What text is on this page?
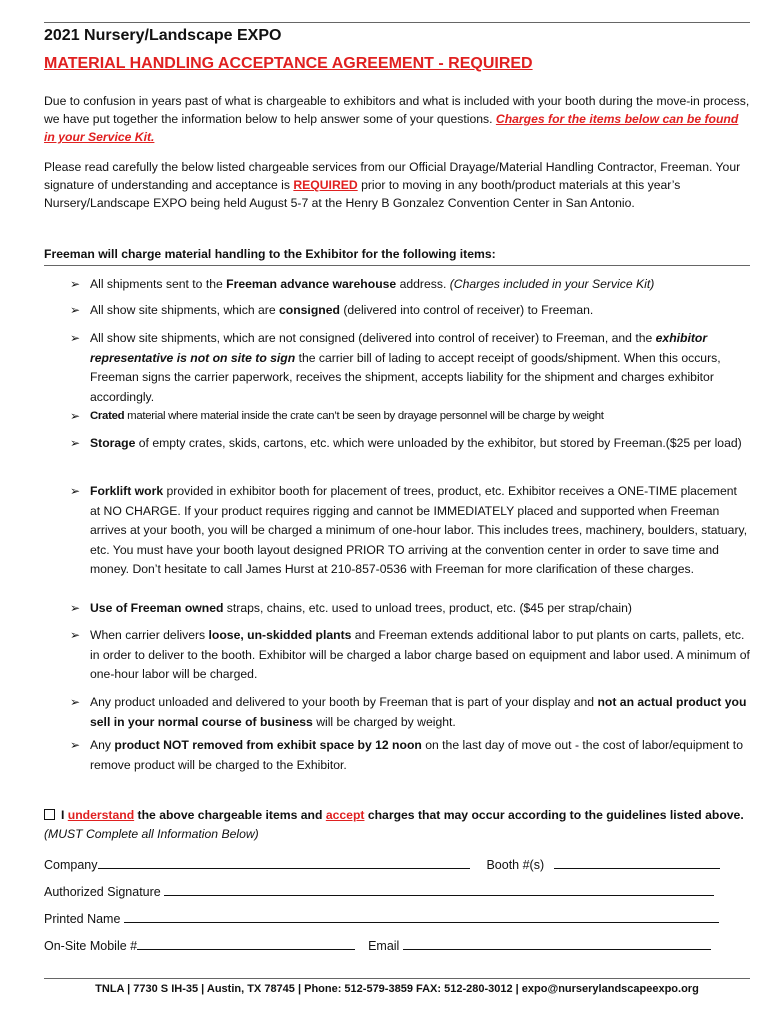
2021 Nursery/Landscape EXPO
MATERIAL HANDLING ACCEPTANCE AGREEMENT - REQUIRED
Due to confusion in years past of what is chargeable to exhibitors and what is included with your booth during the move-in process, we have put together the information below to help answer some of your questions. Charges for the items below can be found in your Service Kit.
Please read carefully the below listed chargeable services from our Official Drayage/Material Handling Contractor, Freeman. Your signature of understanding and acceptance is REQUIRED prior to moving in any booth/product materials at this year’s Nursery/Landscape EXPO being held August 5-7 at the Henry B Gonzalez Convention Center in San Antonio.
Freeman will charge material handling to the Exhibitor for the following items:
➢ All shipments sent to the Freeman advance warehouse address. (Charges included in your Service Kit)
➢ All show site shipments, which are consigned (delivered into control of receiver) to Freeman.
➢ All show site shipments, which are not consigned (delivered into control of receiver) to Freeman, and the exhibitor representative is not on site to sign the carrier bill of lading to accept receipt of goods/shipment. When this occurs, Freeman signs the carrier paperwork, receives the shipment, accepts liability for the shipment and charges exhibitor accordingly.
➢ Crated material where material inside the crate can’t be seen by drayage personnel will be charge by weight
➢ Storage of empty crates, skids, cartons, etc. which were unloaded by the exhibitor, but stored by Freeman.($25 per load)
➢ Forklift work provided in exhibitor booth for placement of trees, product, etc. Exhibitor receives a ONE-TIME placement at NO CHARGE. If your product requires rigging and cannot be IMMEDIATELY placed and supported when Freeman arrives at your booth, you will be charged a minimum of one-hour labor. This includes trees, machinery, boulders, statuary, etc. You must have your booth layout designed PRIOR TO arriving at the convention center in order to save time and money. Don’t hesitate to call James Hurst at 210-857-0536 with Freeman for more clarification of these charges.
➢ Use of Freeman owned straps, chains, etc. used to unload trees, product, etc. ($45 per strap/chain)
➢ When carrier delivers loose, un-skidded plants and Freeman extends additional labor to put plants on carts, pallets, etc. in order to deliver to the booth. Exhibitor will be charged a labor charge based on equipment and labor used. A minimum of one-hour labor will be charged.
➢ Any product unloaded and delivered to your booth by Freeman that is part of your display and not an actual product you sell in your normal course of business will be charged by weight.
➢ Any product NOT removed from exhibit space by 12 noon on the last day of move out - the cost of labor/equipment to remove product will be charged to the Exhibitor.
I understand the above chargeable items and accept charges that may occur according to the guidelines listed above. (MUST Complete all Information Below)
Company	Booth #(s)
Authorized Signature
Printed Name
On-Site Mobile #	Email
TNLA | 7730 S IH-35 | Austin, TX 78745 | Phone: 512-579-3859 FAX: 512-280-3012 | expo@nurserylandscapeexpo.org
